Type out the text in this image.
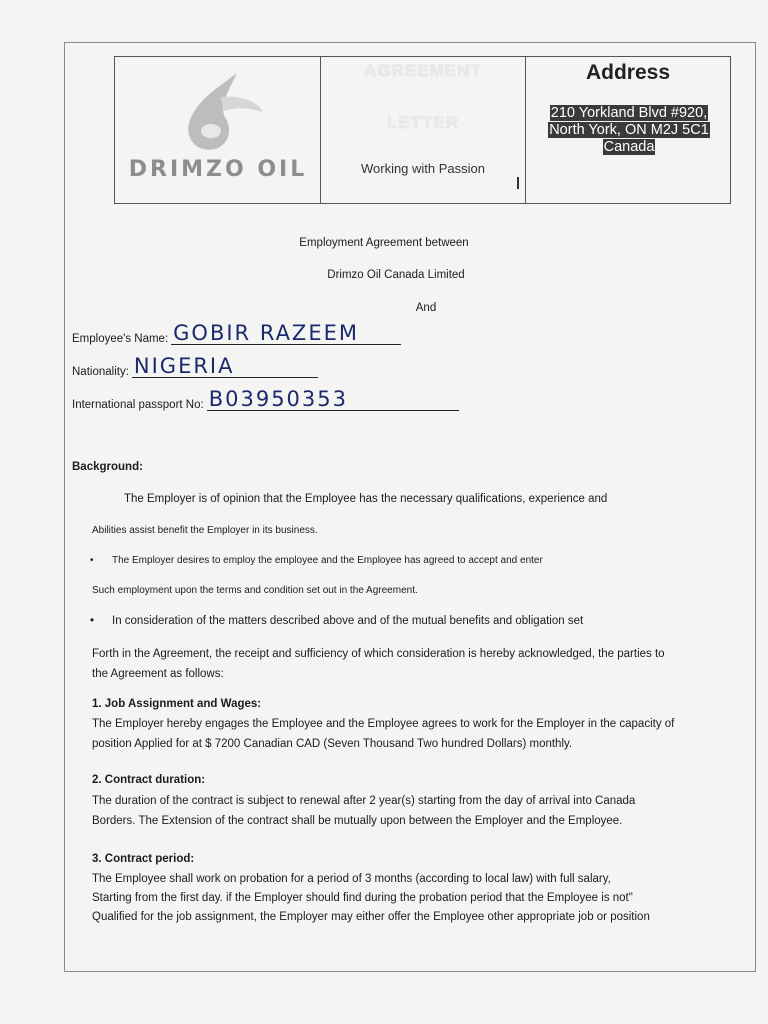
DRIMZO OIL
AGREEMENT
LETTER
Working with Passion
Address
210 Yorkland Blvd #920,
North York, ON M2J 5C1
Canada
Employment Agreement between
Drimzo Oil Canada Limited
And
Employee's Name: GOBIR RAZEEM
Nationality: NIGERIA
International passport No: B03950353
Background:
The Employer is of opinion that the Employee has the necessary qualifications, experience and
Abilities assist benefit the Employer in its business.
• The Employer desires to employ the employee and the Employee has agreed to accept and enter
Such employment upon the terms and condition set out in the Agreement.
• In consideration of the matters described above and of the mutual benefits and obligation set
Forth in the Agreement, the receipt and sufficiency of which consideration is hereby acknowledged, the parties to
the Agreement as follows:
1. Job Assignment and Wages:
The Employer hereby engages the Employee and the Employee agrees to work for the Employer in the capacity of
position Applied for at $ 7200 Canadian CAD (Seven Thousand Two hundred Dollars) monthly.
2. Contract duration:
The duration of the contract is subject to renewal after 2 year(s) starting from the day of arrival into Canada
Borders. The Extension of the contract shall be mutually upon between the Employer and the Employee.
3. Contract period:
The Employee shall work on probation for a period of 3 months (according to local law) with full salary,
Starting from the first day. if the Employer should find during the probation period that the Employee is not"
Qualified for the job assignment, the Employer may either offer the Employee other appropriate job or position
